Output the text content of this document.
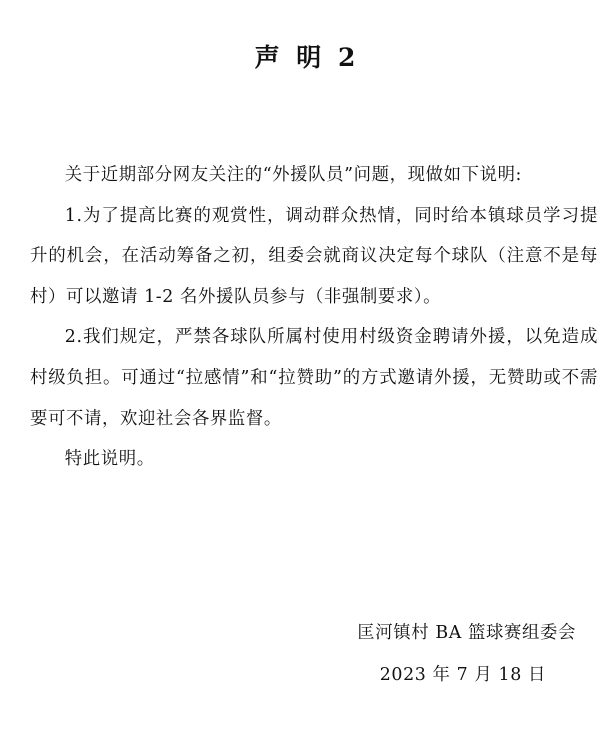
声 明 2

关于近期部分网友关注的“外援队员”问题，现做如下说明:

1.为了提高比赛的观赏性，调动群众热情，同时给本镇球员学习提升的机会，在活动筹备之初，组委会就商议决定每个球队（注意不是每村）可以邀请 1-2 名外援队员参与（非强制要求）。

2.我们规定，严禁各球队所属村使用村级资金聘请外援，以免造成村级负担。可通过“拉感情”和“拉赞助”的方式邀请外援，无赞助或不需要可不请，欢迎社会各界监督。

特此说明。

匡河镇村 BA 篮球赛组委会
2023 年 7 月 18 日
